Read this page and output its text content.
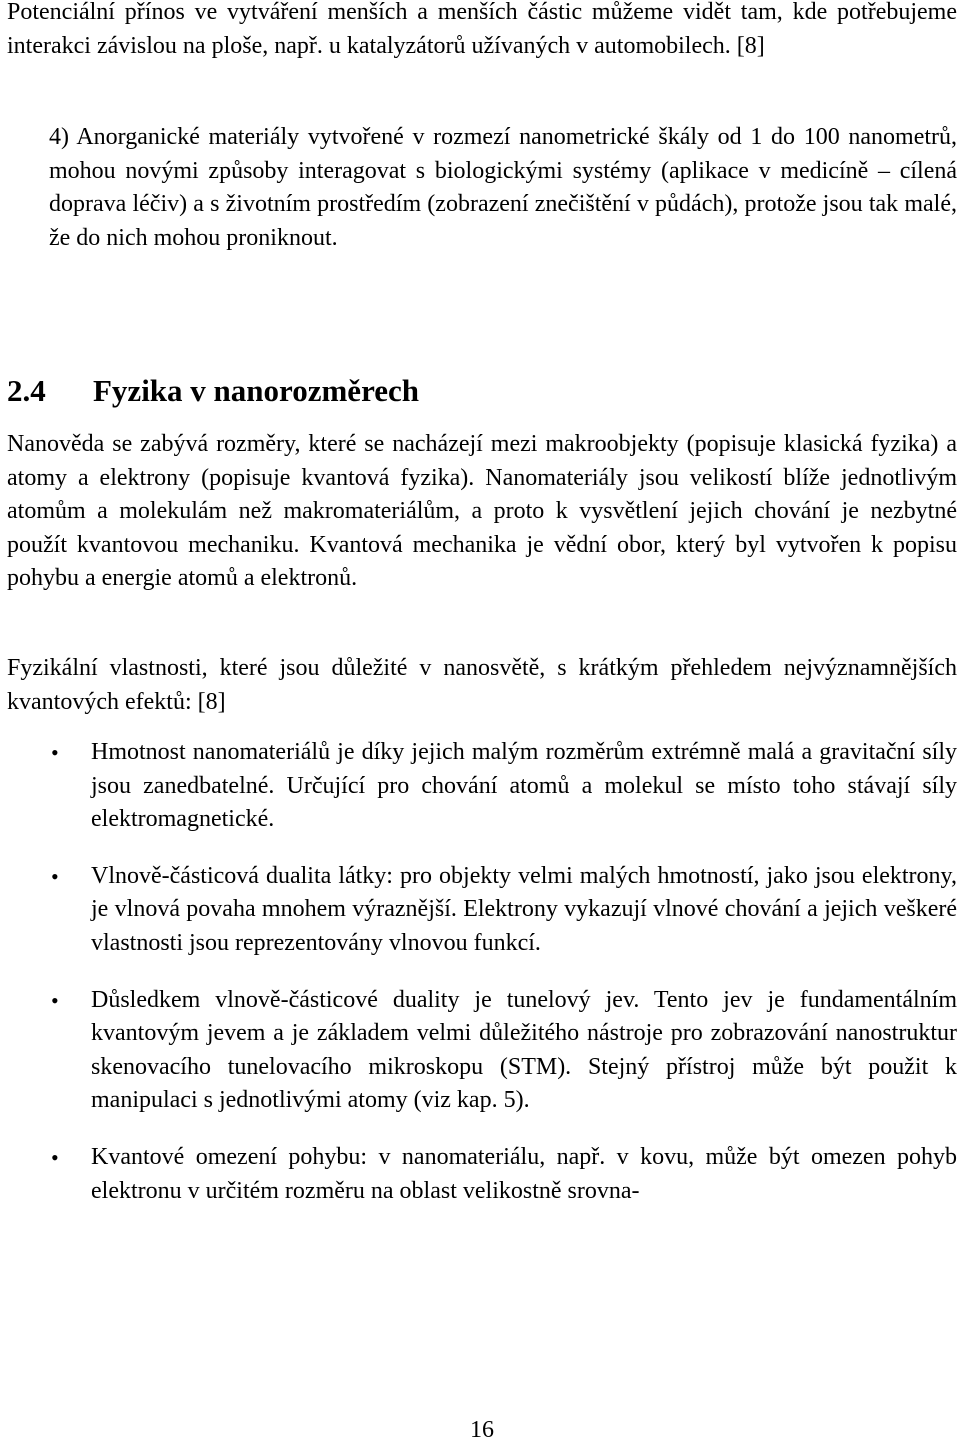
Potenciální přínos ve vytváření menších a menších částic můžeme vidět tam, kde potřebujeme interakci závislou na ploše, např. u katalyzátorů užívaných v automobilech. [8]

4) Anorganické materiály vytvořené v rozmezí nanometrické škály od 1 do 100 nanometrů, mohou novými způsoby interagovat s biologickými systémy (aplikace v medicíně – cílená doprava léčiv) a s životním prostředím (zobrazení znečištění v půdách), protože jsou tak malé, že do nich mohou proniknout.

2.4 Fyzika v nanorozměrech

Nanověda se zabývá rozměry, které se nacházejí mezi makroobjekty (popisuje klasická fyzika) a atomy a elektrony (popisuje kvantová fyzika). Nanomateriály jsou velikostí blíže jednotlivým atomům a molekulám než makromateriálům, a proto k vysvětlení jejich chování je nezbytné použít kvantovou mechaniku. Kvantová mechanika je vědní obor, který byl vytvořen k popisu pohybu a energie atomů a elektronů.

Fyzikální vlastnosti, které jsou důležité v nanosvětě, s krátkým přehledem nejvýznamnějších kvantových efektů: [8]

• Hmotnost nanomateriálů je díky jejich malým rozměrům extrémně malá a gravitační síly jsou zanedbatelné. Určující pro chování atomů a molekul se místo toho stávají síly elektromagnetické.
• Vlnově-částicová dualita látky: pro objekty velmi malých hmotností, jako jsou elektrony, je vlnová povaha mnohem výraznější. Elektrony vykazují vlnové chování a jejich veškeré vlastnosti jsou reprezentovány vlnovou funkcí.
• Důsledkem vlnově-částicové duality je tunelový jev. Tento jev je fundamentálním kvantovým jevem a je základem velmi důležitého nástroje pro zobrazování nanostruktur skenovacího tunelovacího mikroskopu (STM). Stejný přístroj může být použit k manipulaci s jednotlivými atomy (viz kap. 5).
• Kvantové omezení pohybu: v nanomateriálu, např. v kovu, může být omezen pohyb elektronu v určitém rozměru na oblast velikostně srovna-

16
